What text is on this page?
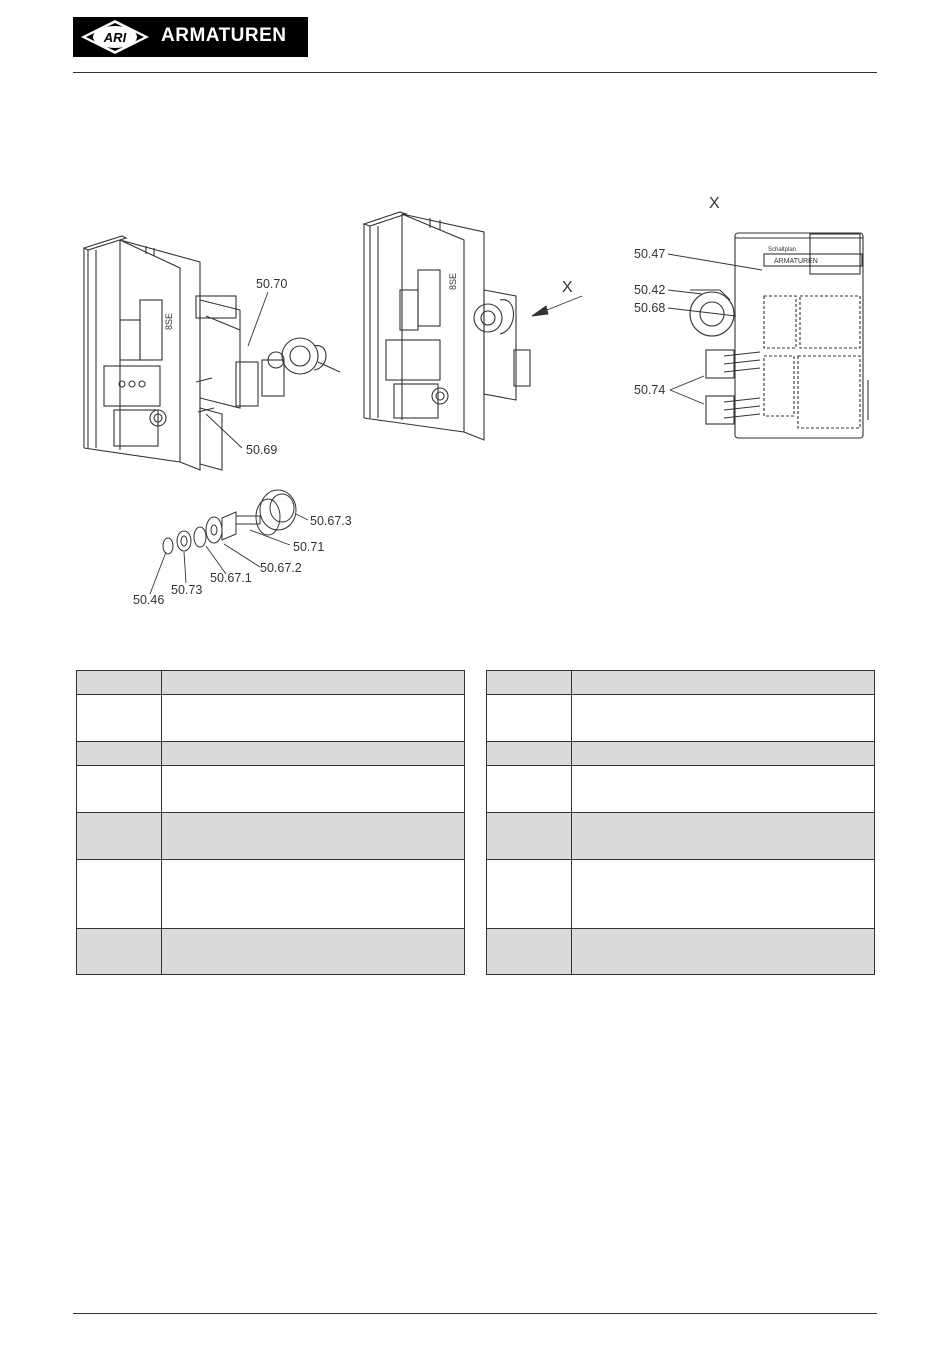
ARI ARMATUREN
8SE
8SE
Schaltplan
ARMATUREN
50.70
50.69
50.67.3
50.71
50.67.2
50.67.1
50.73
50.46
50.47
50.42
50.68
50.74
X
X
